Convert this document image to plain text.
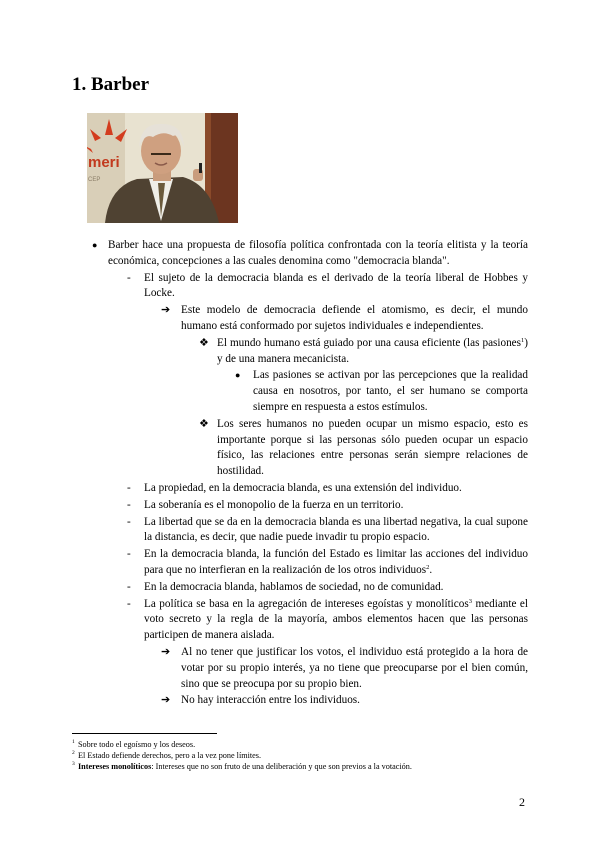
1. Barber
meri
CEP
● Barber hace una propuesta de filosofía política confrontada con la teoría elitista y la teoría económica, concepciones a las cuales denomina como "democracia blanda".
- El sujeto de la democracia blanda es el derivado de la teoría liberal de Hobbes y Locke.
➔ Este modelo de democracia defiende el atomismo, es decir, el mundo humano está conformado por sujetos individuales e independientes.
❖ El mundo humano está guiado por una causa eficiente (las pasiones$^1$) y de una manera mecanicista.
● Las pasiones se activan por las percepciones que la realidad causa en nosotros, por tanto, el ser humano se comporta siempre en respuesta a estos estímulos.
❖ Los seres humanos no pueden ocupar un mismo espacio, esto es importante porque si las personas sólo pueden ocupar un espacio físico, las relaciones entre personas serán siempre relaciones de hostilidad.
- La propiedad, en la democracia blanda, es una extensión del individuo.
- La soberanía es el monopolio de la fuerza en un territorio.
- La libertad que se da en la democracia blanda es una libertad negativa, la cual supone la distancia, es decir, que nadie puede invadir tu propio espacio.
- En la democracia blanda, la función del Estado es limitar las acciones del individuo para que no interfieran en la realización de los otros individuos$^2$.
- En la democracia blanda, hablamos de sociedad, no de comunidad.
- La política se basa en la agregación de intereses egoístas y monolíticos$^3$ mediante el voto secreto y la regla de la mayoría, ambos elementos hacen que las personas participen de manera aislada.
➔ Al no tener que justificar los votos, el individuo está protegido a la hora de votar por su propio interés, ya no tiene que preocuparse por el bien común, sino que se preocupa por su propio bien.
➔ No hay interacción entre los individuos.
1 Sobre todo el egoísmo y los deseos.
2 El Estado defiende derechos, pero a la vez pone límites.
3 Intereses monolíticos: Intereses que no son fruto de una deliberación y que son previos a la votación.
2
